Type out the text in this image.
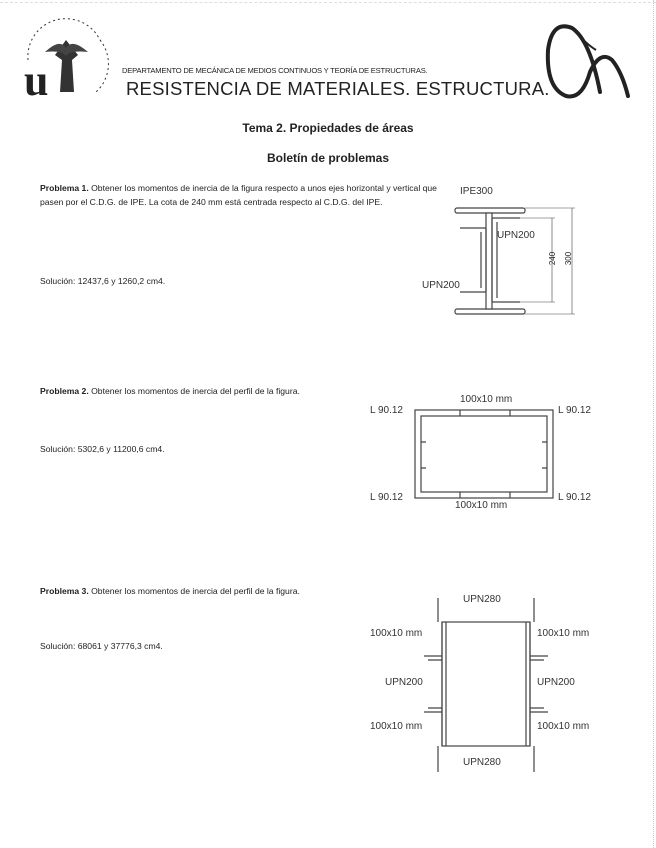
u	DEPARTAMENTO DE MECÁNICA DE MEDIOS CONTINUOS Y TEORÍA DE ESTRUCTURAS.
RESISTENCIA DE MATERIALES. ESTRUCTURA.
Tema 2. Propiedades de áreas
Boletín de problemas
Problema 1. Obtener los momentos de inercia de la figura respecto a unos ejes horizontal y vertical que pasen por el C.D.G. de IPE. La cota de 240 mm está centrada respecto al C.D.G. del IPE.
Solución: 12437,6 y 1260,2 cm4.
IPE300
UPN200
UPN200
240 300
Problema 2. Obtener los momentos de inercia del perfil de la figura.
Solución: 5302,6 y 11200,6 cm4.
100x10 mm
100x10 mm
L 90.12	L 90.12
L 90.12	L 90.12
Problema 3. Obtener los momentos de inercia del perfil de la figura.
Solución: 68061 y 37776,3 cm4.
UPN280
UPN280
100x10 mm	100x10 mm
UPN200	UPN200
100x10 mm	100x10 mm
